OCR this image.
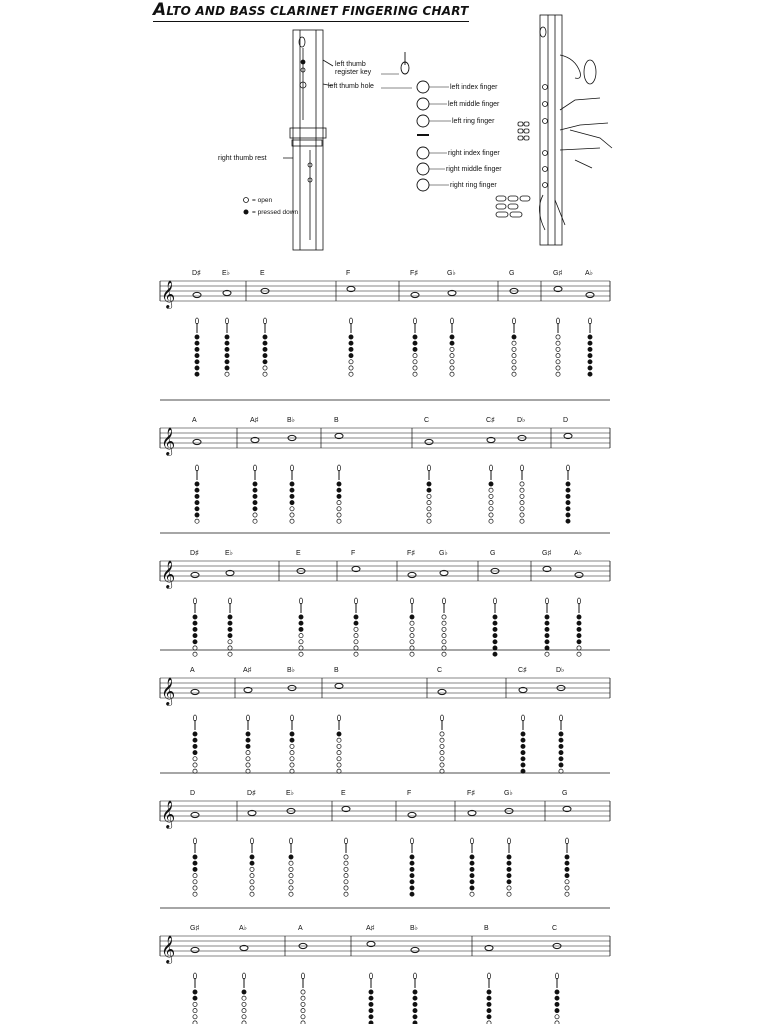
ALTO AND BASS CLARINET FINGERING CHART
left thumb
register key
left thumb hole
right thumb rest
= open
= pressed down
left index finger
left middle finger
left ring finger
right index finger
right middle finger
right ring finger
𝄞
D♯	E♭	E	F	F♯	G♭	G	G♯	A♭
𝄞
A	A♯	B♭	B	C	C♯	D♭	D
𝄞
D♯	E♭	E	F	F♯	G♭	G	G♯	A♭
𝄞
A	A♯	B♭	B	C	C♯	D♭
𝄞
D	D♯	E♭	E	F	F♯	G♭	G
𝄞
G♯	A♭	A	A♯	B♭	B	C
